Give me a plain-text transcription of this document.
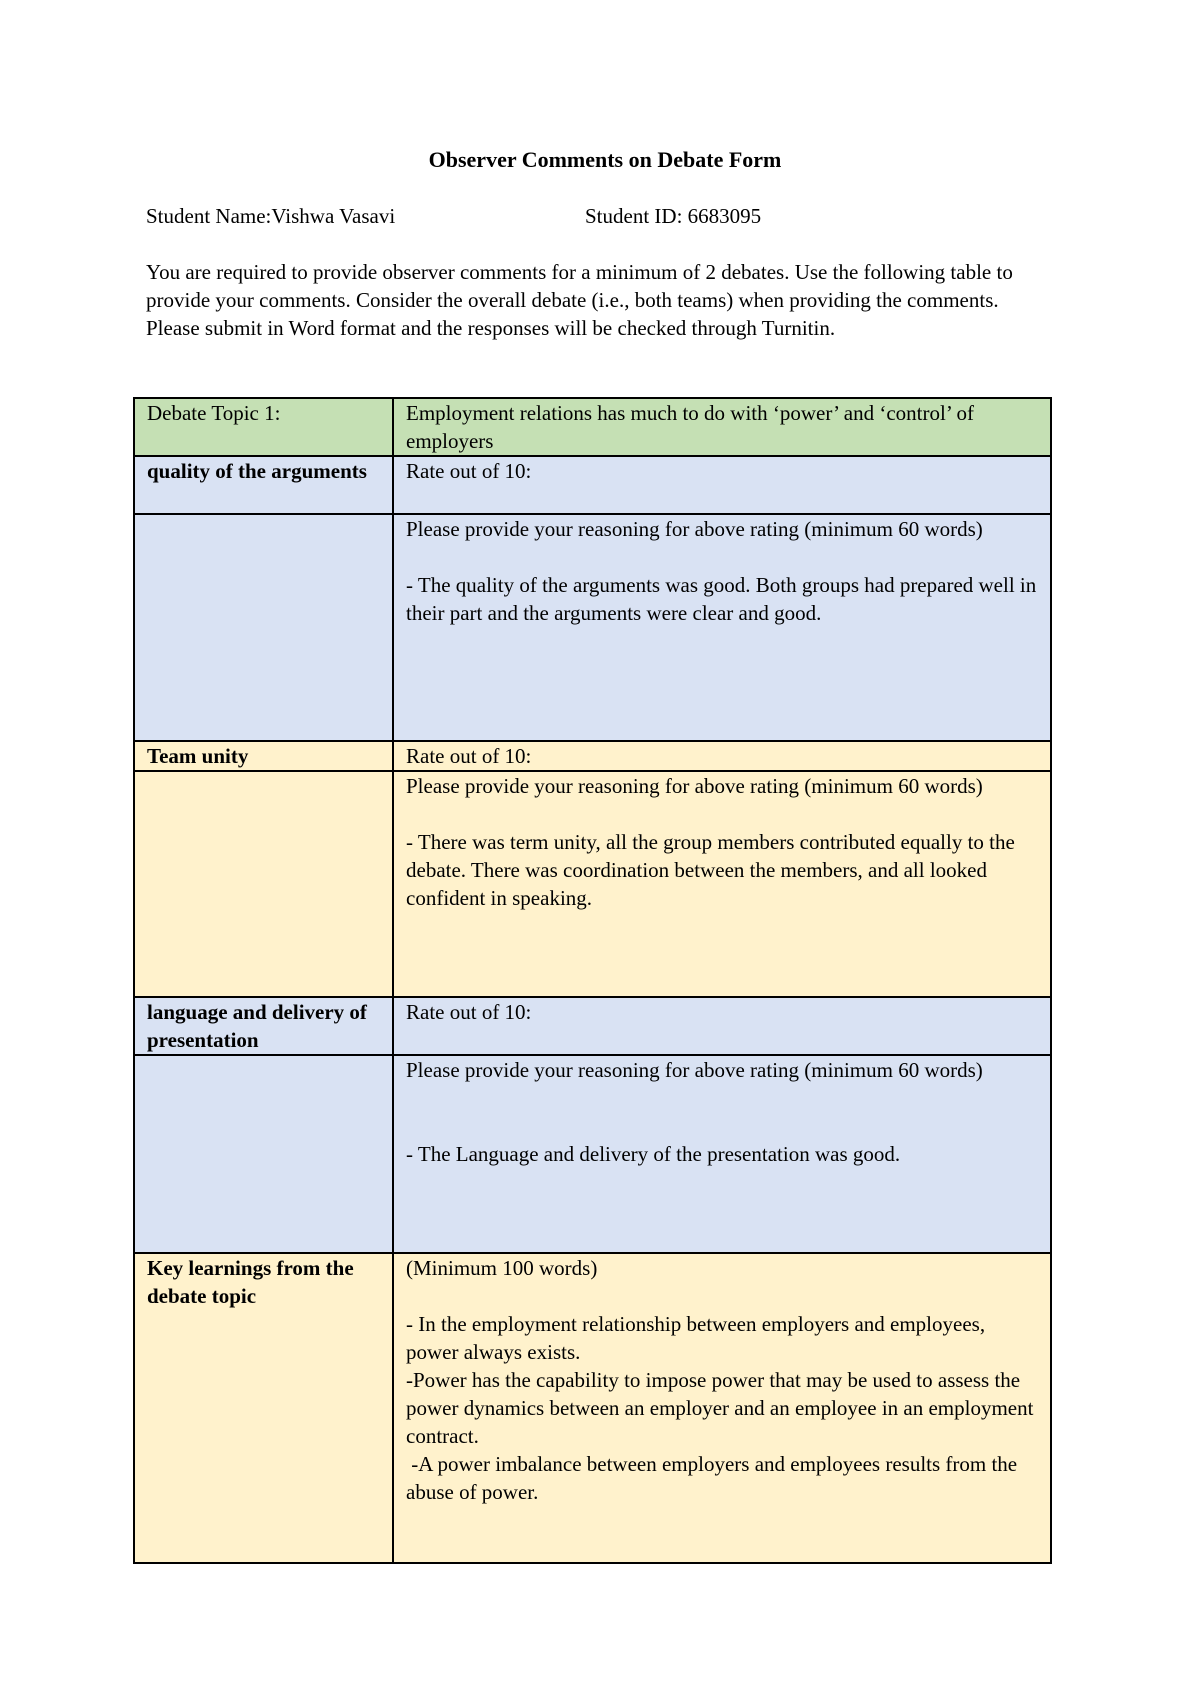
Observer Comments on Debate Form
Student Name:Vishwa Vasavi	Student ID: 6683095

You are required to provide observer comments for a minimum of 2 debates. Use the following table to provide your comments. Consider the overall debate (i.e., both teams) when providing the comments. Please submit in Word format and the responses will be checked through Turnitin.

Debate Topic 1:	Employment relations has much to do with ‘power’ and ‘control’ of employers
quality of the arguments	Rate out of 10:

	Please provide your reasoning for above rating (minimum 60 words)

- The quality of the arguments was good. Both groups had prepared well in their part and the arguments were clear and good.

Team unity	Rate out of 10:

	Please provide your reasoning for above rating (minimum 60 words)

- There was term unity, all the group members contributed equally to the debate. There was coordination between the members, and all looked confident in speaking.

language and delivery of presentation	Rate out of 10:

	Please provide your reasoning for above rating (minimum 60 words)

- The Language and delivery of the presentation was good.

Key learnings from the debate topic	(Minimum 100 words)

- In the employment relationship between employers and employees, power always exists.

-Power has the capability to impose power that may be used to assess the power dynamics between an employer and an employee in an employment contract.

-A power imbalance between employers and employees results from the abuse of power.
